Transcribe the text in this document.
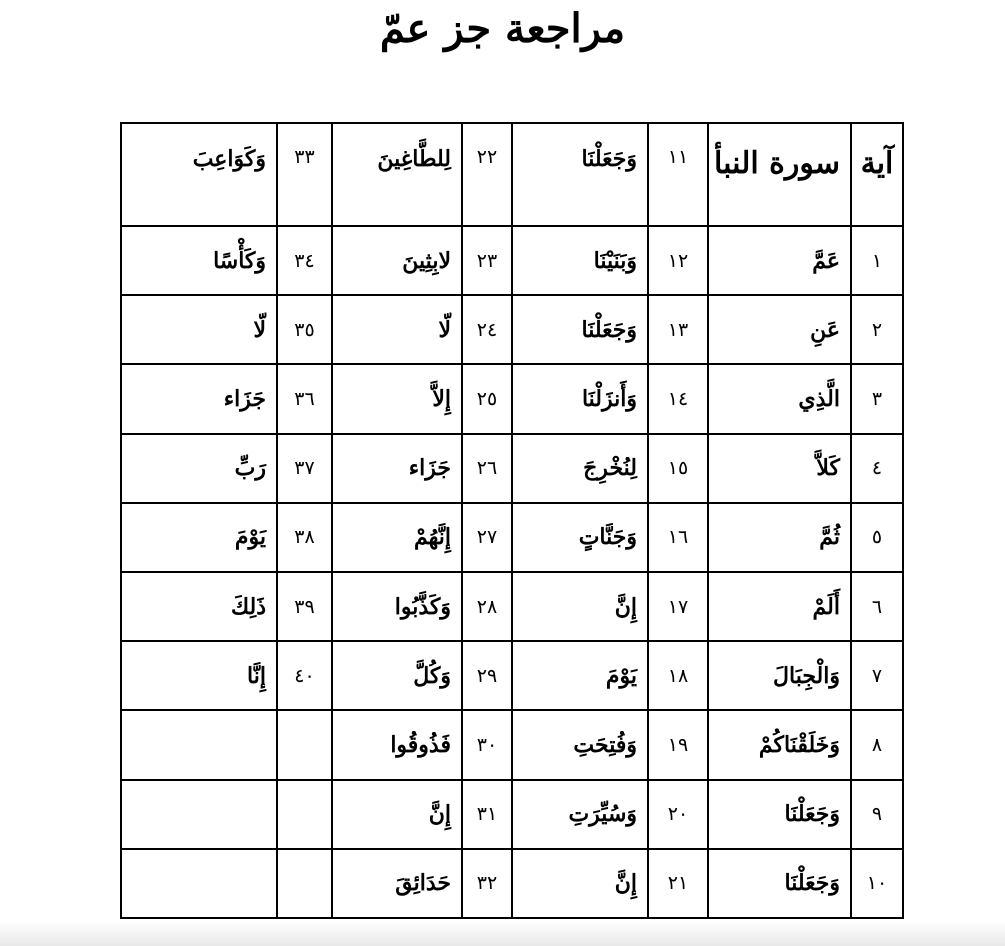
مراجعة جز عمّ
آية	سورة النبأ	١١	وَجَعَلْنَا	٢٢	لِلطَّاغِينَ	٣٣	وَكَوَاعِبَ
١	عَمَّ	١٢	وَبَنَيْنَا	٢٣	لابِثِينَ	٣٤	وَكَأْسًا
٢	عَنِ	١٣	وَجَعَلْنَا	٢٤	لّا	٣٥	لّا
٣	الَّذِي	١٤	وَأَنزَلْنَا	٢٥	إِلاَّ	٣٦	جَزَاء
٤	كَلاَّ	١٥	لِنُخْرِجَ	٢٦	جَزَاء	٣٧	رَبِّ
٥	ثُمَّ	١٦	وَجَنَّاتٍ	٢٧	إِنَّهُمْ	٣٨	يَوْمَ
٦	أَلَمْ	١٧	إِنَّ	٢٨	وَكَذَّبُوا	٣٩	ذَلِكَ
٧	وَالْجِبَالَ	١٨	يَوْمَ	٢٩	وَكُلَّ	٤٠	إِنَّا
٨	وَخَلَقْنَاكُمْ	١٩	وَفُتِحَتِ	٣٠	فَذُوقُوا		
٩	وَجَعَلْنَا	٢٠	وَسُيِّرَتِ	٣١	إِنَّ		
١٠	وَجَعَلْنَا	٢١	إِنَّ	٣٢	حَدَائِقَ		
